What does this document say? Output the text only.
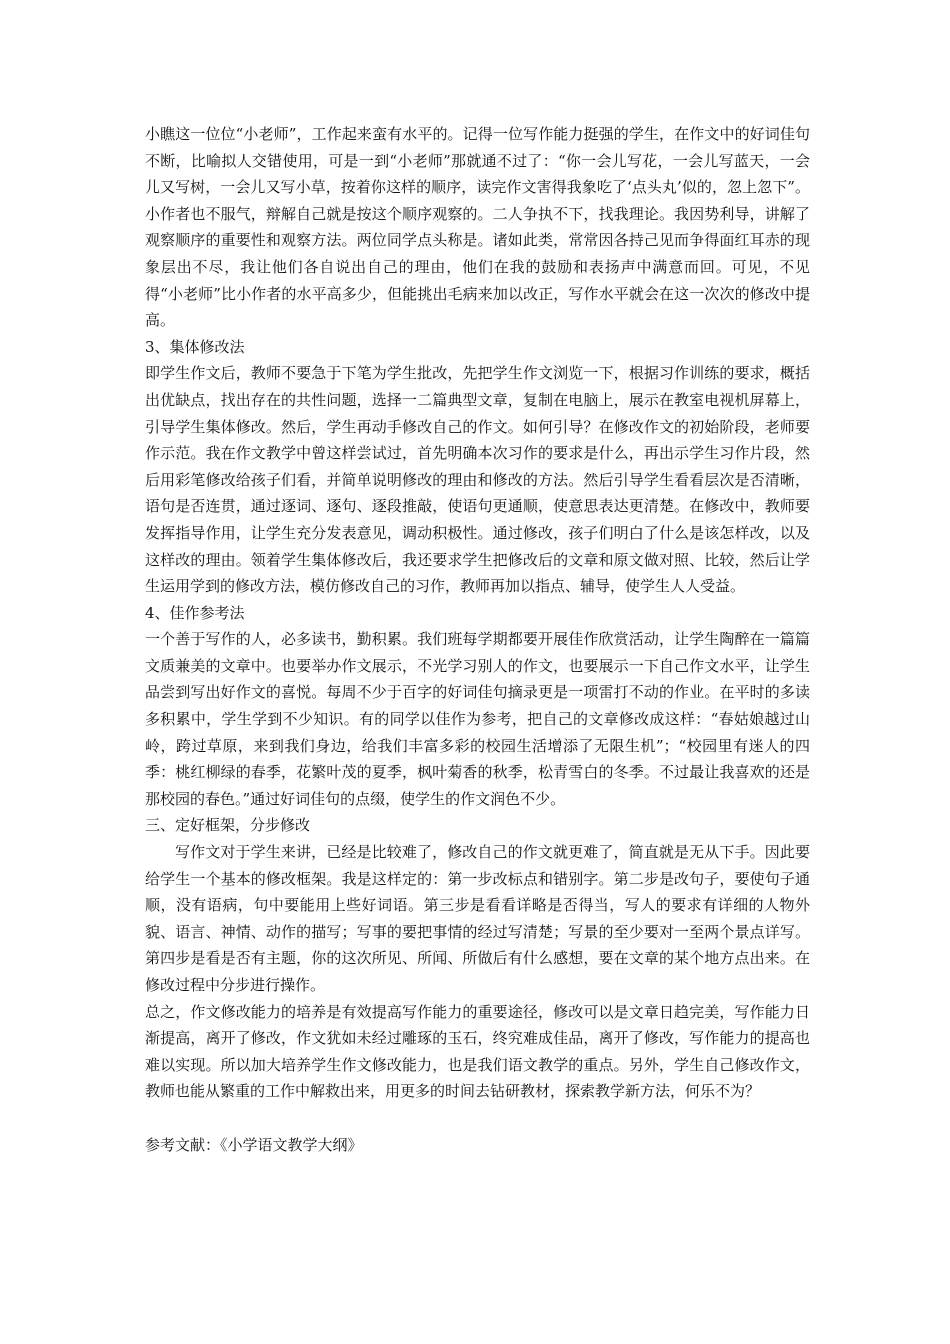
小瞧这一位位“小老师”，工作起来蛮有水平的。记得一位写作能力挺强的学生，在作文中的好词佳句不断，比喻拟人交错使用，可是一到“小老师”那就通不过了：“你一会儿写花，一会儿写蓝天，一会儿又写树，一会儿又写小草，按着你这样的顺序，读完作文害得我象吃了‘点头丸’似的，忽上忽下”。小作者也不服气，辩解自己就是按这个顺序观察的。二人争执不下，找我理论。我因势利导，讲解了观察顺序的重要性和观察方法。两位同学点头称是。诸如此类，常常因各持己见而争得面红耳赤的现象层出不尽，我让他们各自说出自己的理由，他们在我的鼓励和表扬声中满意而回。可见，不见得“小老师”比小作者的水平高多少，但能挑出毛病来加以改正，写作水平就会在这一次次的修改中提高。

3、集体修改法

即学生作文后，教师不要急于下笔为学生批改，先把学生作文浏览一下，根据习作训练的要求，概括出优缺点，找出存在的共性问题，选择一二篇典型文章，复制在电脑上，展示在教室电视机屏幕上，引导学生集体修改。然后，学生再动手修改自己的作文。如何引导？在修改作文的初始阶段，老师要作示范。我在作文教学中曾这样尝试过，首先明确本次习作的要求是什么，再出示学生习作片段，然后用彩笔修改给孩子们看，并简单说明修改的理由和修改的方法。然后引导学生看看层次是否清晰，语句是否连贯，通过逐词、逐句、逐段推敲，使语句更通顺，使意思表达更清楚。在修改中，教师要发挥指导作用，让学生充分发表意见，调动积极性。通过修改，孩子们明白了什么是该怎样改，以及这样改的理由。领着学生集体修改后，我还要求学生把修改后的文章和原文做对照、比较，然后让学生运用学到的修改方法，模仿修改自己的习作，教师再加以指点、辅导，使学生人人受益。

4、佳作参考法

一个善于写作的人，必多读书，勤积累。我们班每学期都要开展佳作欣赏活动，让学生陶醉在一篇篇文质兼美的文章中。也要举办作文展示，不光学习别人的作文，也要展示一下自己作文水平，让学生品尝到写出好作文的喜悦。每周不少于百字的好词佳句摘录更是一项雷打不动的作业。在平时的多读多积累中，学生学到不少知识。有的同学以佳作为参考，把自己的文章修改成这样：“春姑娘越过山岭，跨过草原，来到我们身边，给我们丰富多彩的校园生活增添了无限生机”；“校园里有迷人的四季：桃红柳绿的春季，花繁叶茂的夏季，枫叶菊香的秋季，松青雪白的冬季。不过最让我喜欢的还是那校园的春色。”通过好词佳句的点缀，使学生的作文润色不少。

三、定好框架，分步修改

写作文对于学生来讲，已经是比较难了，修改自己的作文就更难了，简直就是无从下手。因此要给学生一个基本的修改框架。我是这样定的：第一步改标点和错别字。第二步是改句子，要使句子通顺，没有语病，句中要能用上些好词语。第三步是看看详略是否得当，写人的要求有详细的人物外貌、语言、神情、动作的描写；写事的要把事情的经过写清楚；写景的至少要对一至两个景点详写。第四步是看是否有主题，你的这次所见、所闻、所做后有什么感想，要在文章的某个地方点出来。在修改过程中分步进行操作。

总之，作文修改能力的培养是有效提高写作能力的重要途径，修改可以是文章日趋完美，写作能力日渐提高，离开了修改，作文犹如未经过雕琢的玉石，终究难成佳品，离开了修改，写作能力的提高也难以实现。所以加大培养学生作文修改能力，也是我们语文教学的重点。另外，学生自己修改作文，教师也能从繁重的工作中解救出来，用更多的时间去钻研教材，探索教学新方法，何乐不为？

参考文献：《小学语文教学大纲》
